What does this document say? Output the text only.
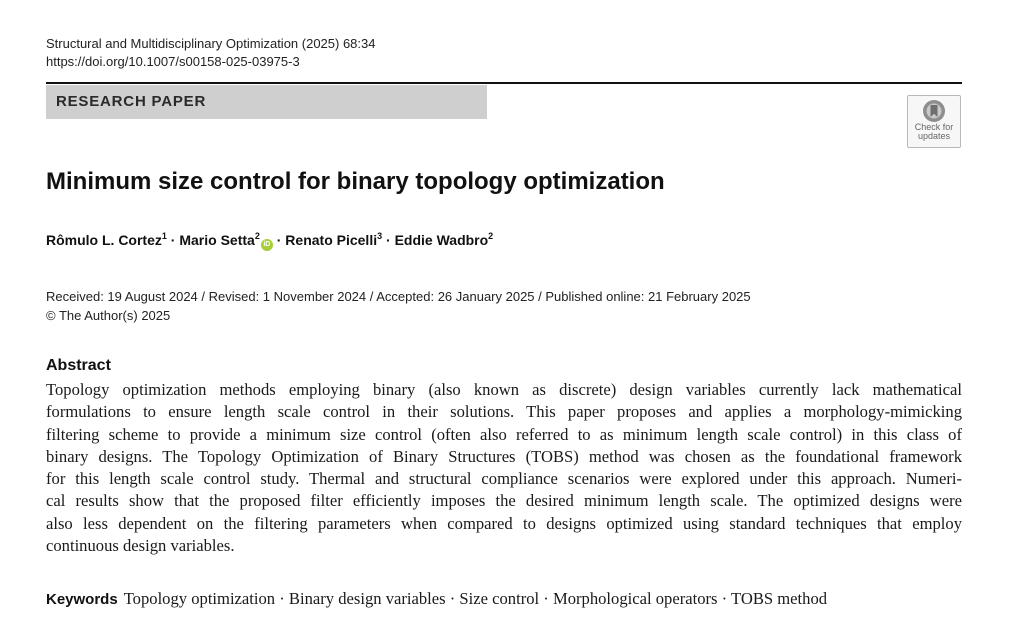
Structural and Multidisciplinary Optimization (2025) 68:34
https://doi.org/10.1007/s00158-025-03975-3
RESEARCH PAPER
Check for
updates
Minimum size control for binary topology optimization
Rômulo L. Cortez$^1$ · Mario Setta$^2$iD · Renato Picelli$^3$ · Eddie Wadbro$^2$
Received: 19 August 2024 / Revised: 1 November 2024 / Accepted: 26 January 2025 / Published online: 21 February 2025
© The Author(s) 2025
Abstract
Topology optimization methods employing binary (also known as discrete) design variables currently lack mathematical
formulations to ensure length scale control in their solutions. This paper proposes and applies a morphology-mimicking
filtering scheme to provide a minimum size control (often also referred to as minimum length scale control) in this class of
binary designs. The Topology Optimization of Binary Structures (TOBS) method was chosen as the foundational framework
for this length scale control study. Thermal and structural compliance scenarios were explored under this approach. Numeri-
cal results show that the proposed filter efficiently imposes the desired minimum length scale. The optimized designs were
also less dependent on the filtering parameters when compared to designs optimized using standard techniques that employ
continuous design variables.
Keywords Topology optimization · Binary design variables · Size control · Morphological operators · TOBS method
